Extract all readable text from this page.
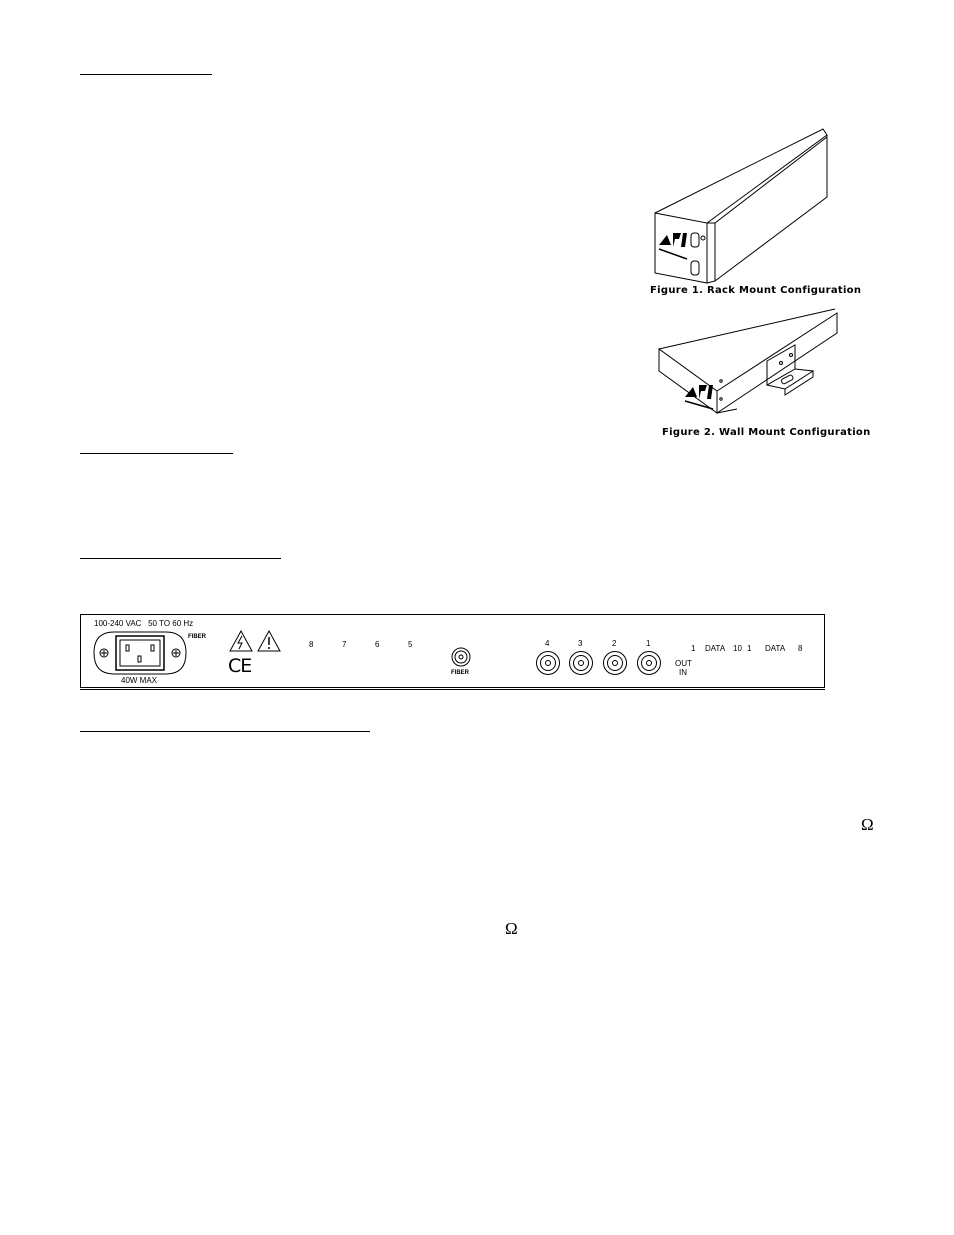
Figure 1. Rack Mount Configuration
Figure 2. Wall Mount Configuration
100-240 VAC   50 TO 60 Hz
FIBER
40W MAX
CE
8	7	6	5
FIBER
4	3	2	1
OUT
IN
1 DATA 10 1 DATA 8
Ω
Ω
